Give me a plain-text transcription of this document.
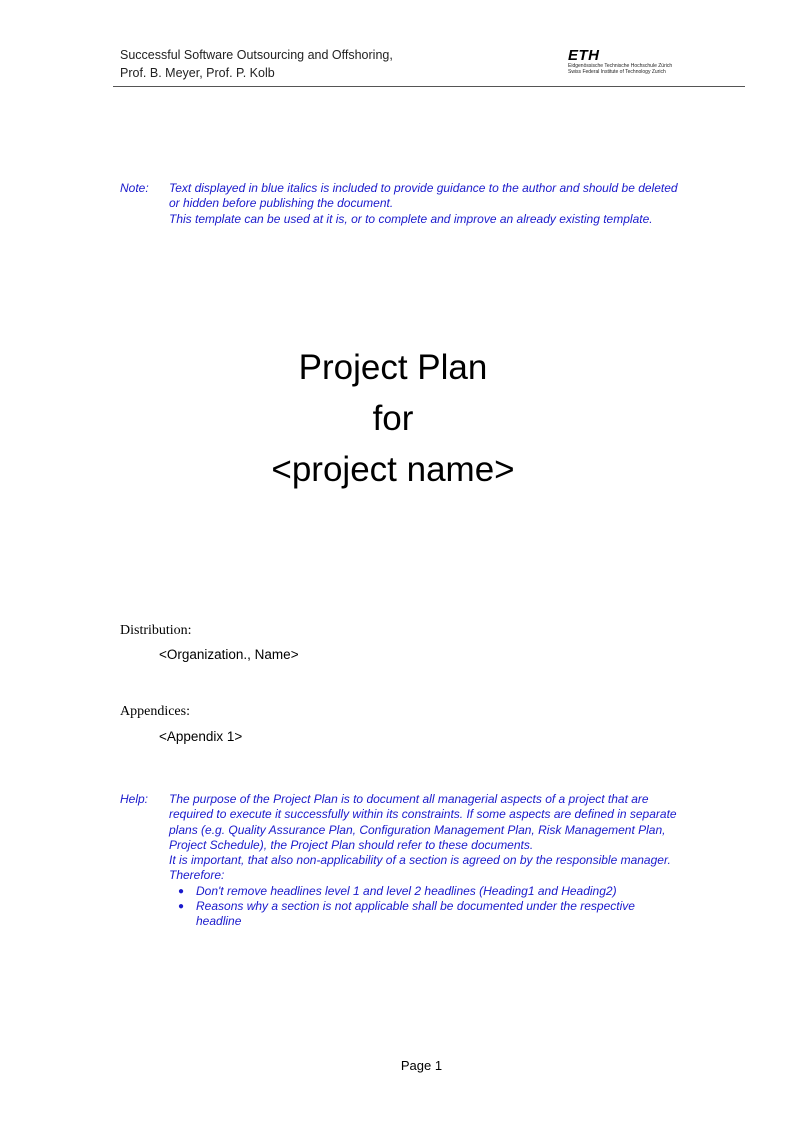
Successful Software Outsourcing and Offshoring,
Prof. B. Meyer, Prof. P. Kolb
ETH
Eidgenössische Technische Hochschule Zürich
Swiss Federal Institute of Technology Zurich
Note: Text displayed in blue italics is included to provide guidance to the author and should be deleted or hidden before publishing the document.
This template can be used at it is, or to complete and improve an already existing template.
Project Plan
for
<project name>
Distribution:
<Organization., Name>
Appendices:
<Appendix 1>
Help: The purpose of the Project Plan is to document all managerial aspects of a project that are required to execute it successfully within its constraints. If some aspects are defined in separate plans (e.g. Quality Assurance Plan, Configuration Management Plan, Risk Management Plan, Project Schedule), the Project Plan should refer to these documents.
It is important, that also non-applicability of a section is agreed on by the responsible manager. Therefore:
● Don't remove headlines level 1 and level 2 headlines (Heading1 and Heading2)
● Reasons why a section is not applicable shall be documented under the respective headline
Page 1
